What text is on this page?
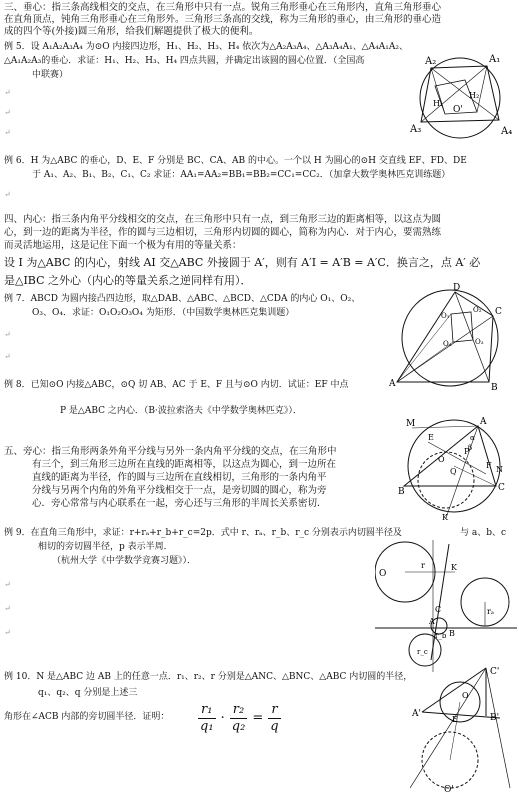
三、垂心：指三条高线相交的交点，在三角形中只有一点。锐角三角形垂心在三角形内，直角三角形垂心
在直角顶点，钝角三角形垂心在三角形外。三角形三条高的交线，称为三角形的垂心，由三角形的垂心造
成的四个等(外接)圆三角形，给我们解题提供了极大的便利。
例 5．设 A₁A₂A₃A₄ 为⊙O 内接四边形，H₁、H₂、H₃、H₄ 依次为△A₂A₃A₄、△A₃A₄A₁、△A₄A₁A₂、
△A₁A₂A₃的垂心．求证：H₁、H₂、H₃、H₄ 四点共圆，并确定出该圆的圆心位置．（全国高
中联赛）
↵
↵
↵
A₂	A₁
A₃	A₄
H₁
H₂
O'
例 6．H 为△ABC 的垂心，D、E、F 分别是 BC、CA、AB 的中心。一个以 H 为圆心的⊙H 交直线 EF、FD、DE
于 A₁、A₂、B₁、B₂、C₁、C₂ 求证：AA₁=AA₂=BB₁=BB₂=CC₁=CC₂．（加拿大数学奥林匹克训练题）
↵
四、内心：指三条内角平分线相交的交点，在三角形中只有一点，到三角形三边的距离相等，以这点为圆
心，到一边的距离为半径，作的圆与三边相切，三角形内切圆的圆心，简称为内心．对于内心，要需熟练
而灵活地运用，这是记住下面一个极为有用的等量关系：
设 I 为△ABC 的内心，射线 AI 交△ABC 外接圆于 A′，则有 A′I = A′B = A′C．换言之，点 A′ 必
是△IBC 之外心（内心的等量关系之逆同样有用）．
例 7．ABCD 为圆内接凸四边形，取△DAB、△ABC、△BCD、△CDA 的内心 O₁、O₂、
O₃、O₄．求证：O₁O₂O₃O₄ 为矩形．（中国数学奥林匹克集训题）
↵
↵
D
C
B
A
O₁
O₂
O₃
O₄
例 8．已知⊙O 内接△ABC，⊙Q 切 AB、AC 于 E、F 且与⊙O 内切．试证：EF 中点
P 是△ABC 之内心．（B·波拉索洛夫《中学数学奥林匹克》）．
M	A
B	C
N
K
E
F
P
Q
O
α
β
五、旁心：指三角形两条外角平分线与另外一条内角平分线的交点，在三角形中
有三个，到三角形三边所在直线的距离相等，以这点为圆心，到一边所在
直线的距离为半径，作的圆与三边所在直线相切，三角形的一条内角平
分线与另两个内角的外角平分线相交于一点，是旁切圆的圆心，称为旁
心．旁心常常与内心联系在一起，旁心还与三角形的半周长关系密切．
例 9．在直角三角形中，求证：r+rₐ+r_b+r_c=2p．式中 r、rₐ、r_b、r_c 分别表示内切圆半径及	与 a、b、c
相切的旁切圆半径，p 表示半周．
（杭州大学《中学数学竞赛习题》）．
↵
↵
↵
O
r
rₐ
r_b
r_c
K
A
B
C
例 10．N 是△ABC 边 AB 上的任意一点．r₁、r₂、r 分别是△ANC、△BNC、△ABC 内切圆的半径，
q₁、q₂、q 分别是上述三
角形在∠ACB 内部的旁切圆半径．证明： $\frac{\text{r₁}}{\text{q₁}} \cdot \frac{\text{r₂}}{\text{q₂}} = \frac{r}{q}$
C'
A'	B'
E
O
O'
